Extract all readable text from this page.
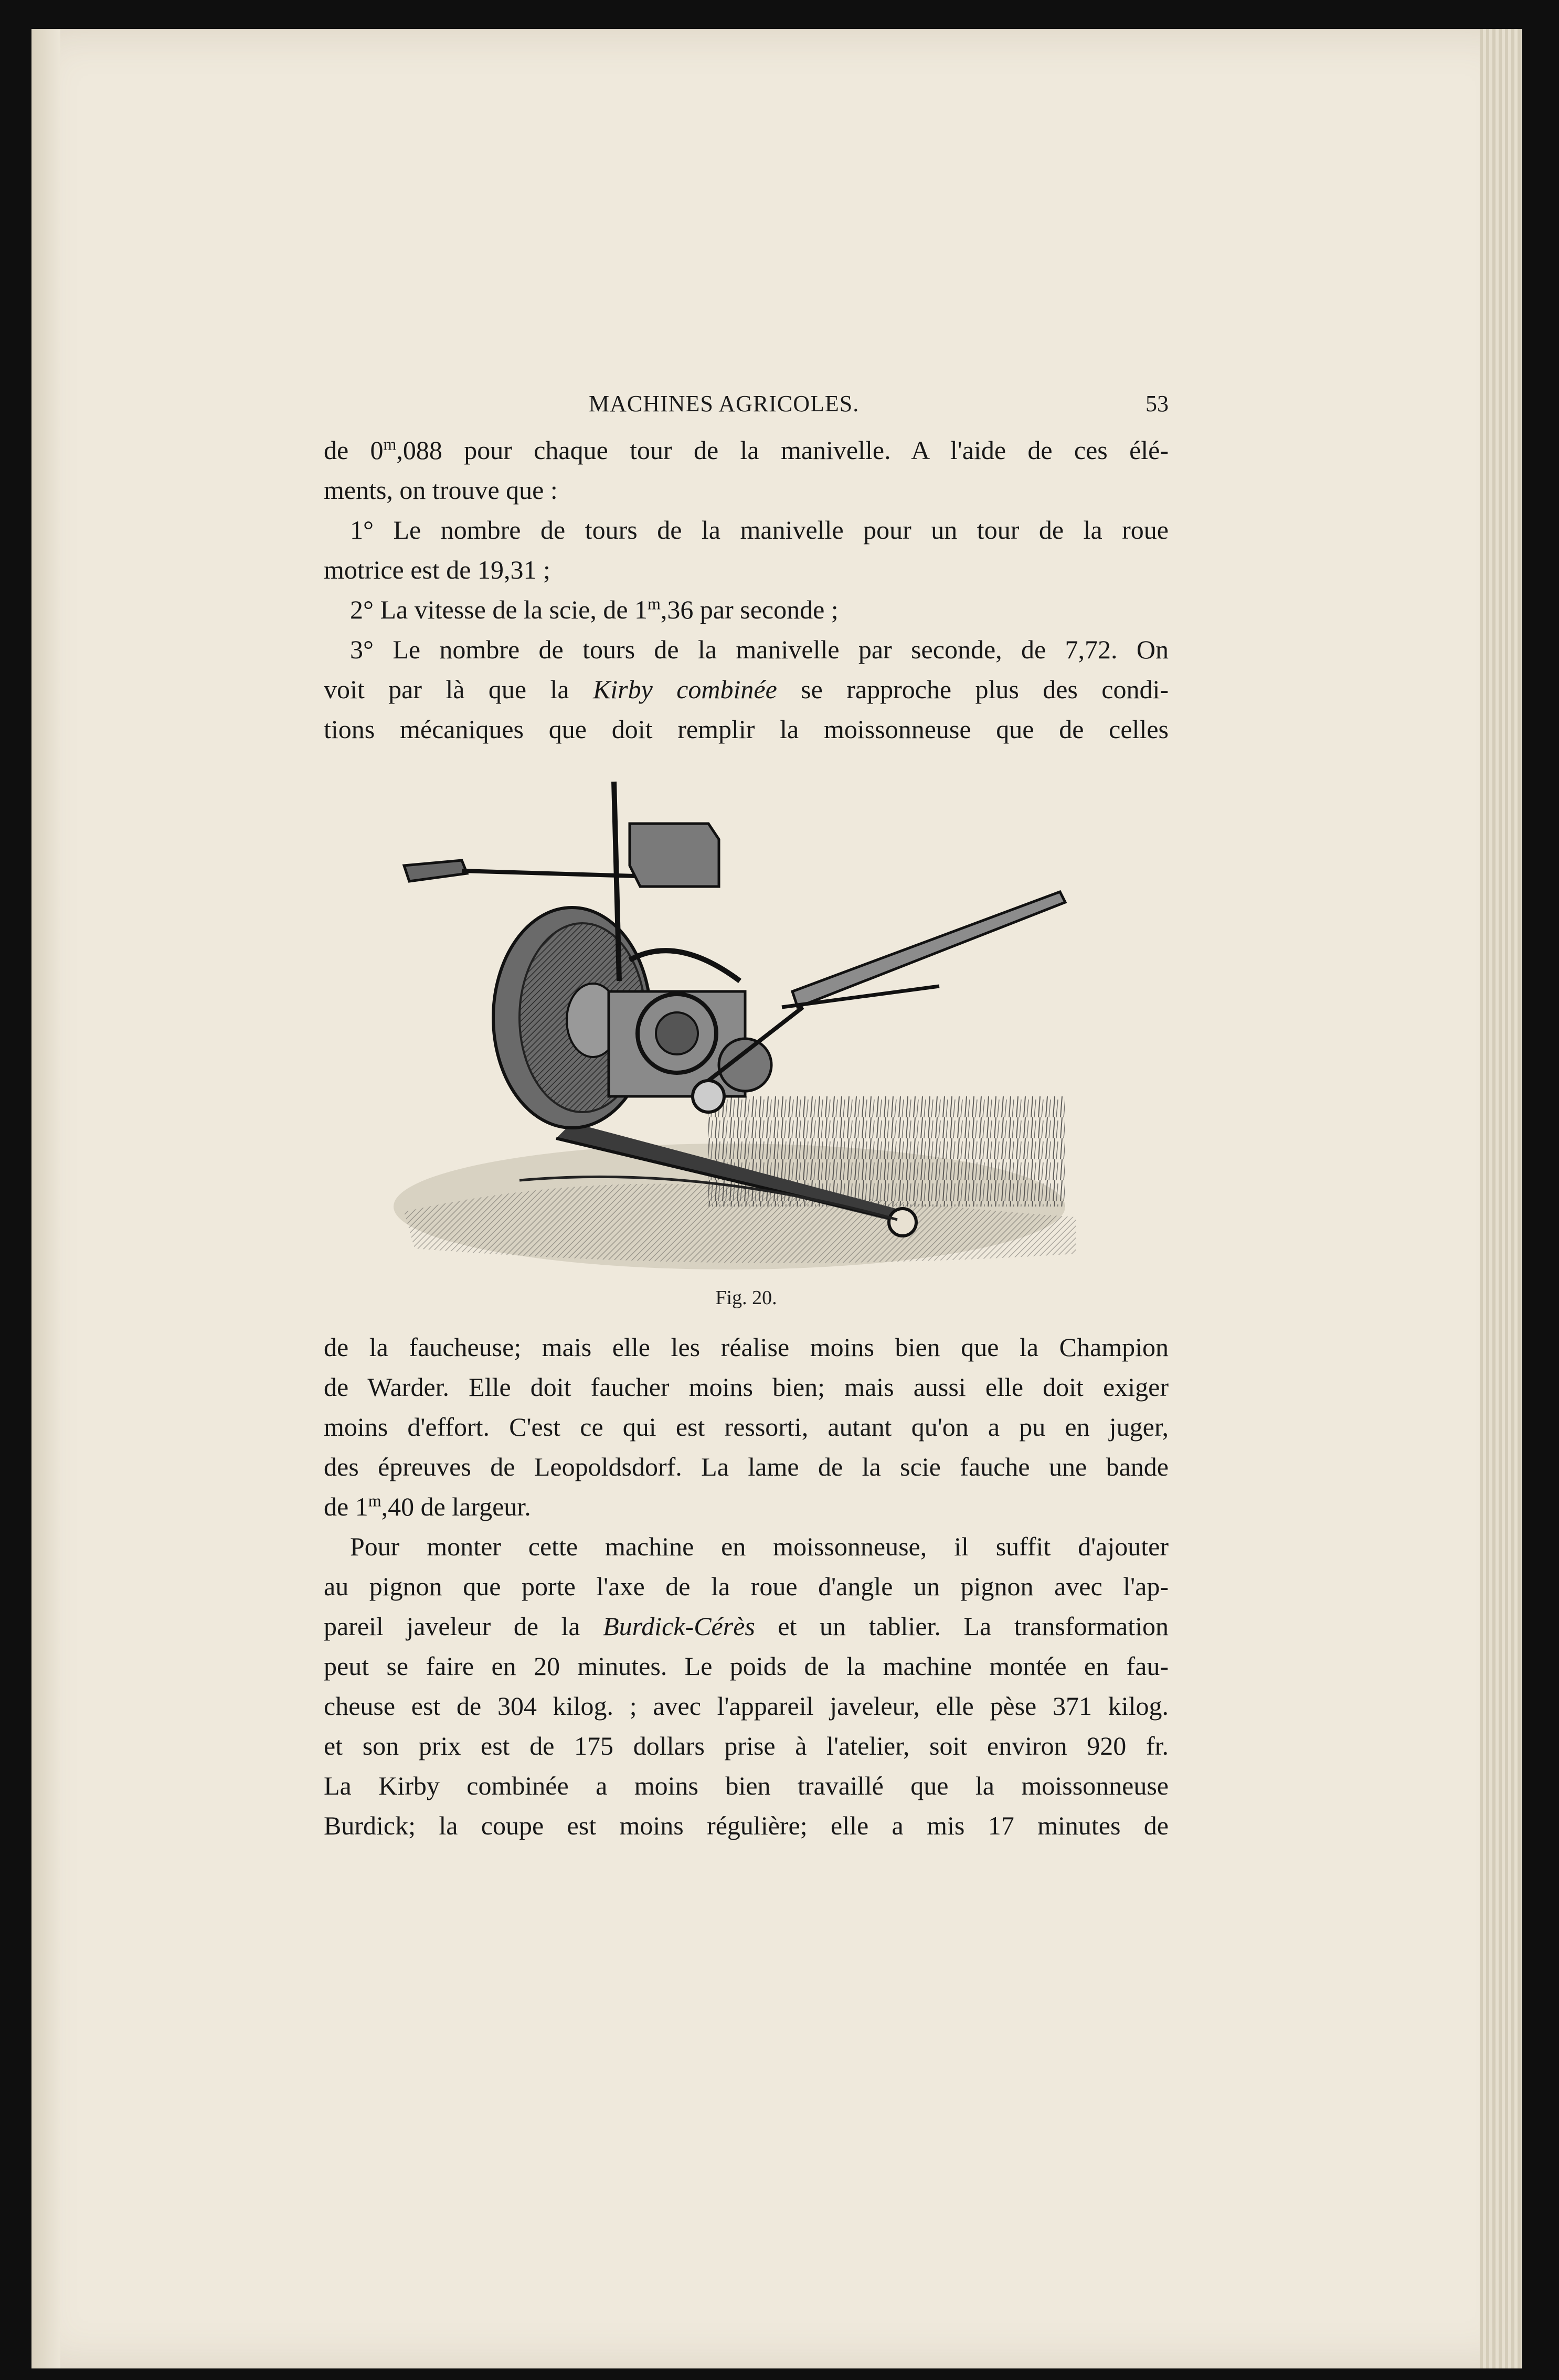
MACHINES AGRICOLES.	53

de 0$^m$,088 pour chaque tour de la manivelle. A l'aide de ces élé-

ments, on trouve que :

1° Le nombre de tours de la manivelle pour un tour de la roue

motrice est de 19,31 ;

2° La vitesse de la scie, de 1$^m$,36 par seconde ;

3° Le nombre de tours de la manivelle par seconde, de 7,72. On

voit par là que la Kirby combinée se rapproche plus des condi-

tions mécaniques que doit remplir la moissonneuse que de celles

Fig. 20.

de la faucheuse; mais elle les réalise moins bien que la Champion

de Warder. Elle doit faucher moins bien; mais aussi elle doit exiger

moins d'effort. C'est ce qui est ressorti, autant qu'on a pu en juger,

des épreuves de Leopoldsdorf. La lame de la scie fauche une bande

de 1$^m$,40 de largeur.

Pour monter cette machine en moissonneuse, il suffit d'ajouter

au pignon que porte l'axe de la roue d'angle un pignon avec l'ap-

pareil javeleur de la Burdick-Cérès et un tablier. La transformation

peut se faire en 20 minutes. Le poids de la machine montée en fau-

cheuse est de 304 kilog. ; avec l'appareil javeleur, elle pèse 371 kilog.

et son prix est de 175 dollars prise à l'atelier, soit environ 920 fr.

La Kirby combinée a moins bien travaillé que la moissonneuse

Burdick; la coupe est moins régulière; elle a mis 17 minutes de
